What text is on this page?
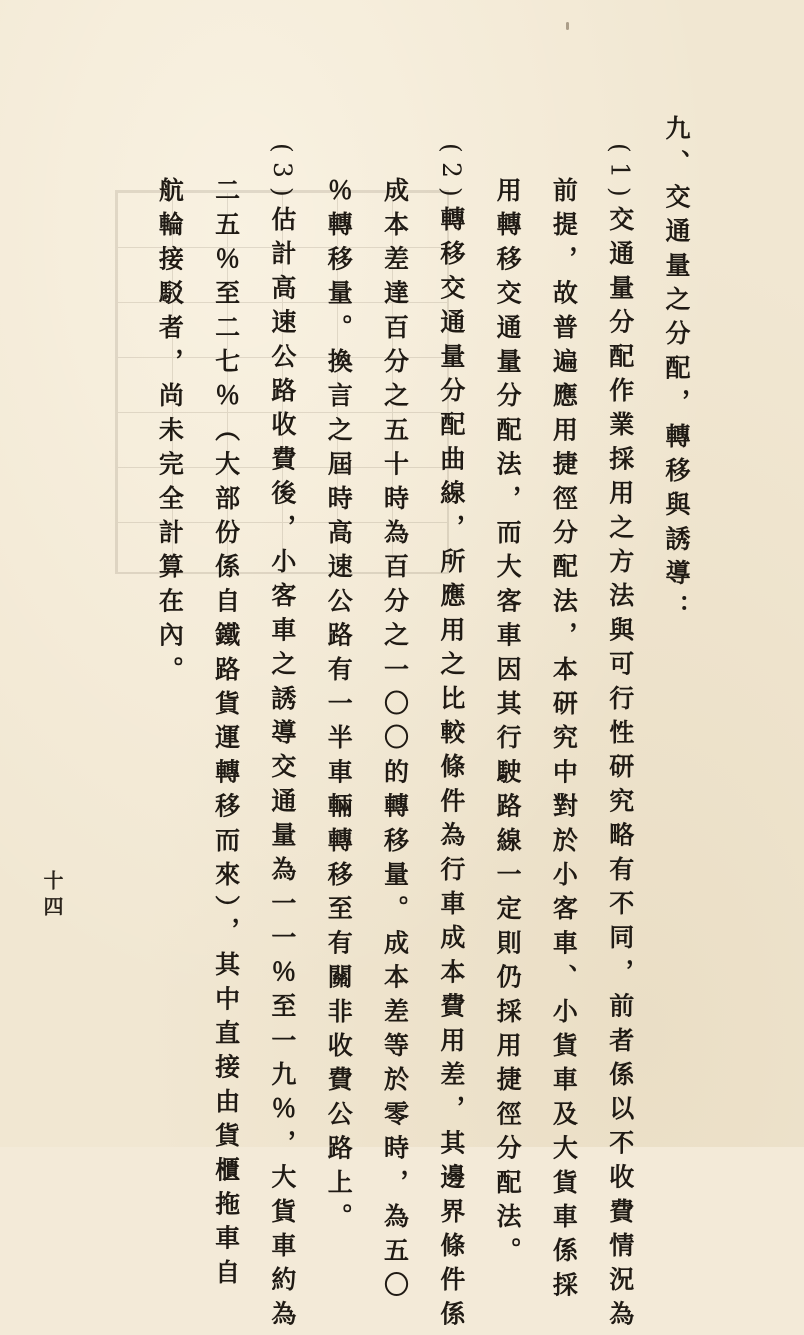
九、交通量之分配，轉移與誘導：
(1)交通量分配作業採用之方法與可行性研究略有不同，前者係以不收費情況為
前提，故普遍應用捷徑分配法，本研究中對於小客車、小貨車及大貨車係採
用轉移交通量分配法，而大客車因其行駛路線一定則仍採用捷徑分配法。
(2)轉移交通量分配曲線，所應用之比較條件為行車成本費用差，其邊界條件係
成本差達百分之五十時為百分之一〇〇的轉移量。成本差等於零時，為五〇
％轉移量。換言之屆時高速公路有一半車輛轉移至有關非收費公路上。
(3)估計高速公路收費後，小客車之誘導交通量為一一％至一九％，大貨車約為
二五％至二七％（大部份係自鐵路貨運轉移而來），其中直接由貨櫃拖車自
航輪接駁者，尚未完全計算在內。
十四
